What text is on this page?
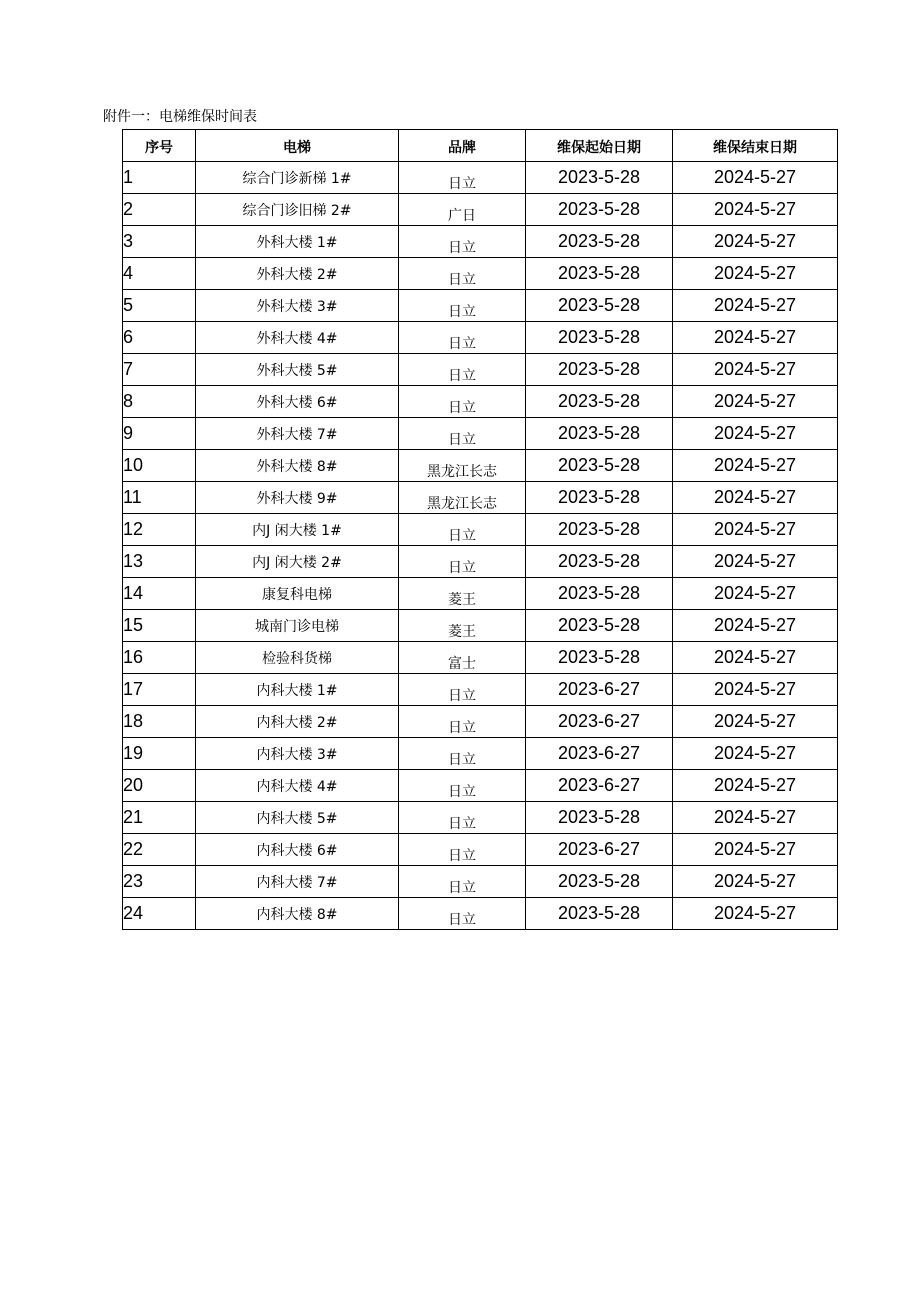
附件一：电梯维保时间表
序号	电梯	品牌	维保起始日期	维保结束日期
1	综合门诊新梯 1#	日立	2023-5-28	2024-5-27
2	综合门诊旧梯 2#	广日	2023-5-28	2024-5-27
3	外科大楼 1#	日立	2023-5-28	2024-5-27
4	外科大楼 2#	日立	2023-5-28	2024-5-27
5	外科大楼 3#	日立	2023-5-28	2024-5-27
6	外科大楼 4#	日立	2023-5-28	2024-5-27
7	外科大楼 5#	日立	2023-5-28	2024-5-27
8	外科大楼 6#	日立	2023-5-28	2024-5-27
9	外科大楼 7#	日立	2023-5-28	2024-5-27
10	外科大楼 8#	黑龙江长志	2023-5-28	2024-5-27
11	外科大楼 9#	黑龙江长志	2023-5-28	2024-5-27
12	内J 闲大楼 1#	日立	2023-5-28	2024-5-27
13	内J 闲大楼 2#	日立	2023-5-28	2024-5-27
14	康复科电梯	菱王	2023-5-28	2024-5-27
15	城南门诊电梯	菱王	2023-5-28	2024-5-27
16	检验科货梯	富士	2023-5-28	2024-5-27
17	内科大楼 1#	日立	2023-6-27	2024-5-27
18	内科大楼 2#	日立	2023-6-27	2024-5-27
19	内科大楼 3#	日立	2023-6-27	2024-5-27
20	内科大楼 4#	日立	2023-6-27	2024-5-27
21	内科大楼 5#	日立	2023-5-28	2024-5-27
22	内科大楼 6#	日立	2023-6-27	2024-5-27
23	内科大楼 7#	日立	2023-5-28	2024-5-27
24	内科大楼 8#	日立	2023-5-28	2024-5-27
